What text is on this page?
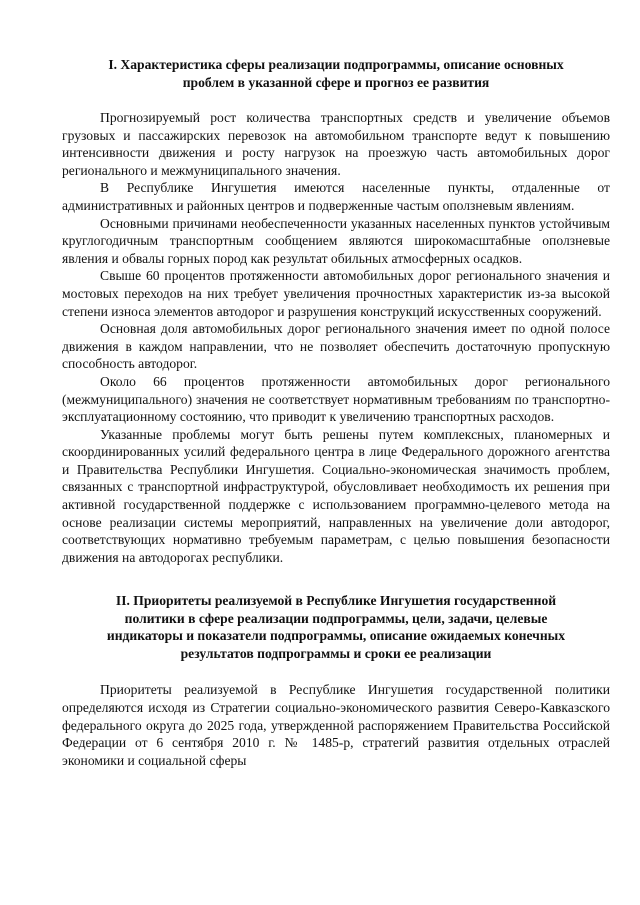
I. Характеристика сферы реализации подпрограммы, описание основных проблем в указанной сфере и прогноз ее развития

Прогнозируемый рост количества транспортных средств и увеличение объемов грузовых и пассажирских перевозок на автомобильном транспорте ведут к повышению интенсивности движения и росту нагрузок на проезжую часть автомобильных дорог регионального и межмуниципального значения.

В Республике Ингушетия имеются населенные пункты, отдаленные от административных и районных центров и подверженные частым оползневым явлениям.

Основными причинами необеспеченности указанных населенных пунктов устойчивым круглогодичным транспортным сообщением являются широкомасштабные оползневые явления и обвалы горных пород как результат обильных атмосферных осадков.

Свыше 60 процентов протяженности автомобильных дорог регионального значения и мостовых переходов на них требует увеличения прочностных характеристик из-за высокой степени износа элементов автодорог и разрушения конструкций искусственных сооружений.

Основная доля автомобильных дорог регионального значения имеет по одной полосе движения в каждом направлении, что не позволяет обеспечить достаточную пропускную способность автодорог.

Около 66 процентов протяженности автомобильных дорог регионального (межмуниципального) значения не соответствует нормативным требованиям по транспортно-эксплуатационному состоянию, что приводит к увеличению транспортных расходов.

Указанные проблемы могут быть решены путем комплексных, планомерных и скоординированных усилий федерального центра в лице Федерального дорожного агентства и Правительства Республики Ингушетия. Социально-экономическая значимость проблем, связанных с транспортной инфраструктурой, обусловливает необходимость их решения при активной государственной поддержке с использованием программно-целевого метода на основе реализации системы мероприятий, направленных на увеличение доли автодорог, соответствующих нормативно требуемым параметрам, с целью повышения безопасности движения на автодорогах республики.

II. Приоритеты реализуемой в Республике Ингушетия государственной политики в сфере реализации подпрограммы, цели, задачи, целевые индикаторы и показатели подпрограммы, описание ожидаемых конечных результатов подпрограммы и сроки ее реализации

Приоритеты реализуемой в Республике Ингушетия государственной политики определяются исходя из Стратегии социально-экономического развития Северо-Кавказского федерального округа до 2025 года, утвержденной распоряжением Правительства Российской Федерации от 6 сентября 2010 г. № 1485-р, стратегий развития отдельных отраслей экономики и социальной сферы
